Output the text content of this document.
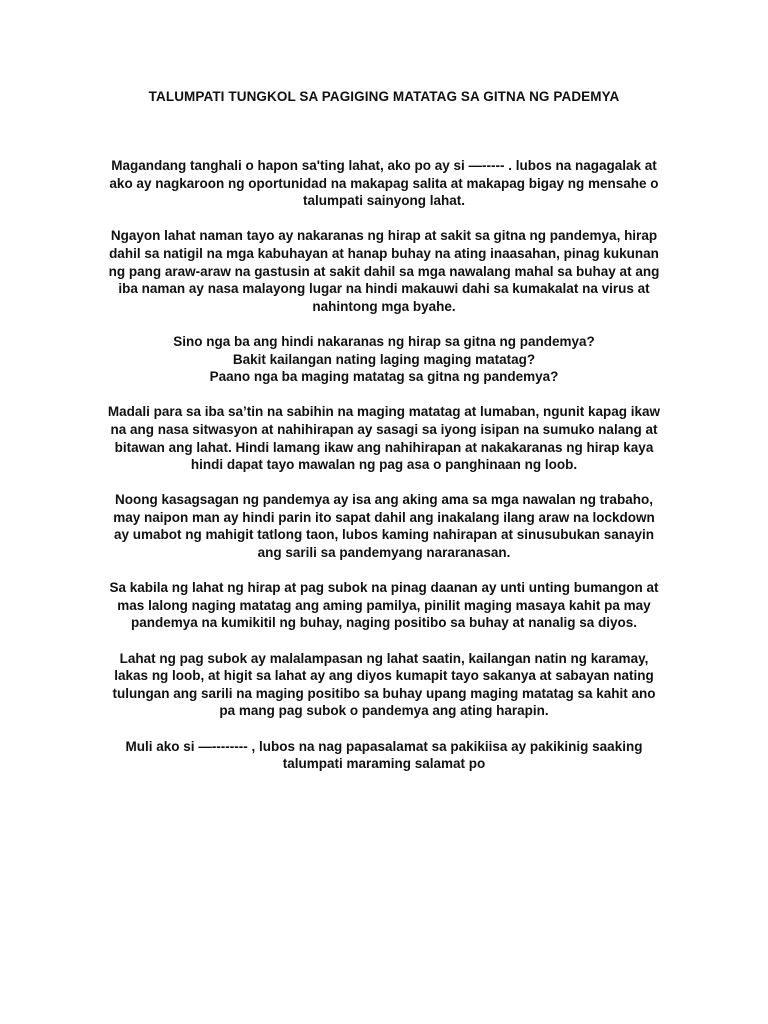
TALUMPATI TUNGKOL SA PAGIGING MATATAG SA GITNA NG PADEMYA

Magandang tanghali o hapon sa'ting lahat, ako po ay si —----- . lubos na nagagalak at
ako ay nagkaroon ng oportunidad na makapag salita at makapag bigay ng mensahe o
talumpati sainyong lahat.

Ngayon lahat naman tayo ay nakaranas ng hirap at sakit sa gitna ng pandemya, hirap
dahil sa natigil na mga kabuhayan at hanap buhay na ating inaasahan, pinag kukunan
ng pang araw-araw na gastusin at sakit dahil sa mga nawalang mahal sa buhay at ang
iba naman ay nasa malayong lugar na hindi makauwi dahi sa kumakalat na virus at
nahintong mga byahe.

Sino nga ba ang hindi nakaranas ng hirap sa gitna ng pandemya?
Bakit kailangan nating laging maging matatag?
Paano nga ba maging matatag sa gitna ng pandemya?

Madali para sa iba sa’tin na sabihin na maging matatag at lumaban, ngunit kapag ikaw
na ang nasa sitwasyon at nahihirapan ay sasagi sa iyong isipan na sumuko nalang at
bitawan ang lahat. Hindi lamang ikaw ang nahihirapan at nakakaranas ng hirap kaya
hindi dapat tayo mawalan ng pag asa o panghinaan ng loob.

Noong kasagsagan ng pandemya ay isa ang aking ama sa mga nawalan ng trabaho,
may naipon man ay hindi parin ito sapat dahil ang inakalang ilang araw na lockdown
ay umabot ng mahigit tatlong taon, lubos kaming nahirapan at sinusubukan sanayin
ang sarili sa pandemyang nararanasan.

Sa kabila ng lahat ng hirap at pag subok na pinag daanan ay unti unting bumangon at
mas lalong naging matatag ang aming pamilya, pinilit maging masaya kahit pa may
pandemya na kumikitil ng buhay, naging positibo sa buhay at nanalig sa diyos.

Lahat ng pag subok ay malalampasan ng lahat saatin, kailangan natin ng karamay,
lakas ng loob, at higit sa lahat ay ang diyos kumapit tayo sakanya at sabayan nating
tulungan ang sarili na maging positibo sa buhay upang maging matatag sa kahit ano
pa mang pag subok o pandemya ang ating harapin.

Muli ako si —-------- , lubos na nag papasalamat sa pakikiisa ay pakikinig saaking
talumpati maraming salamat po
